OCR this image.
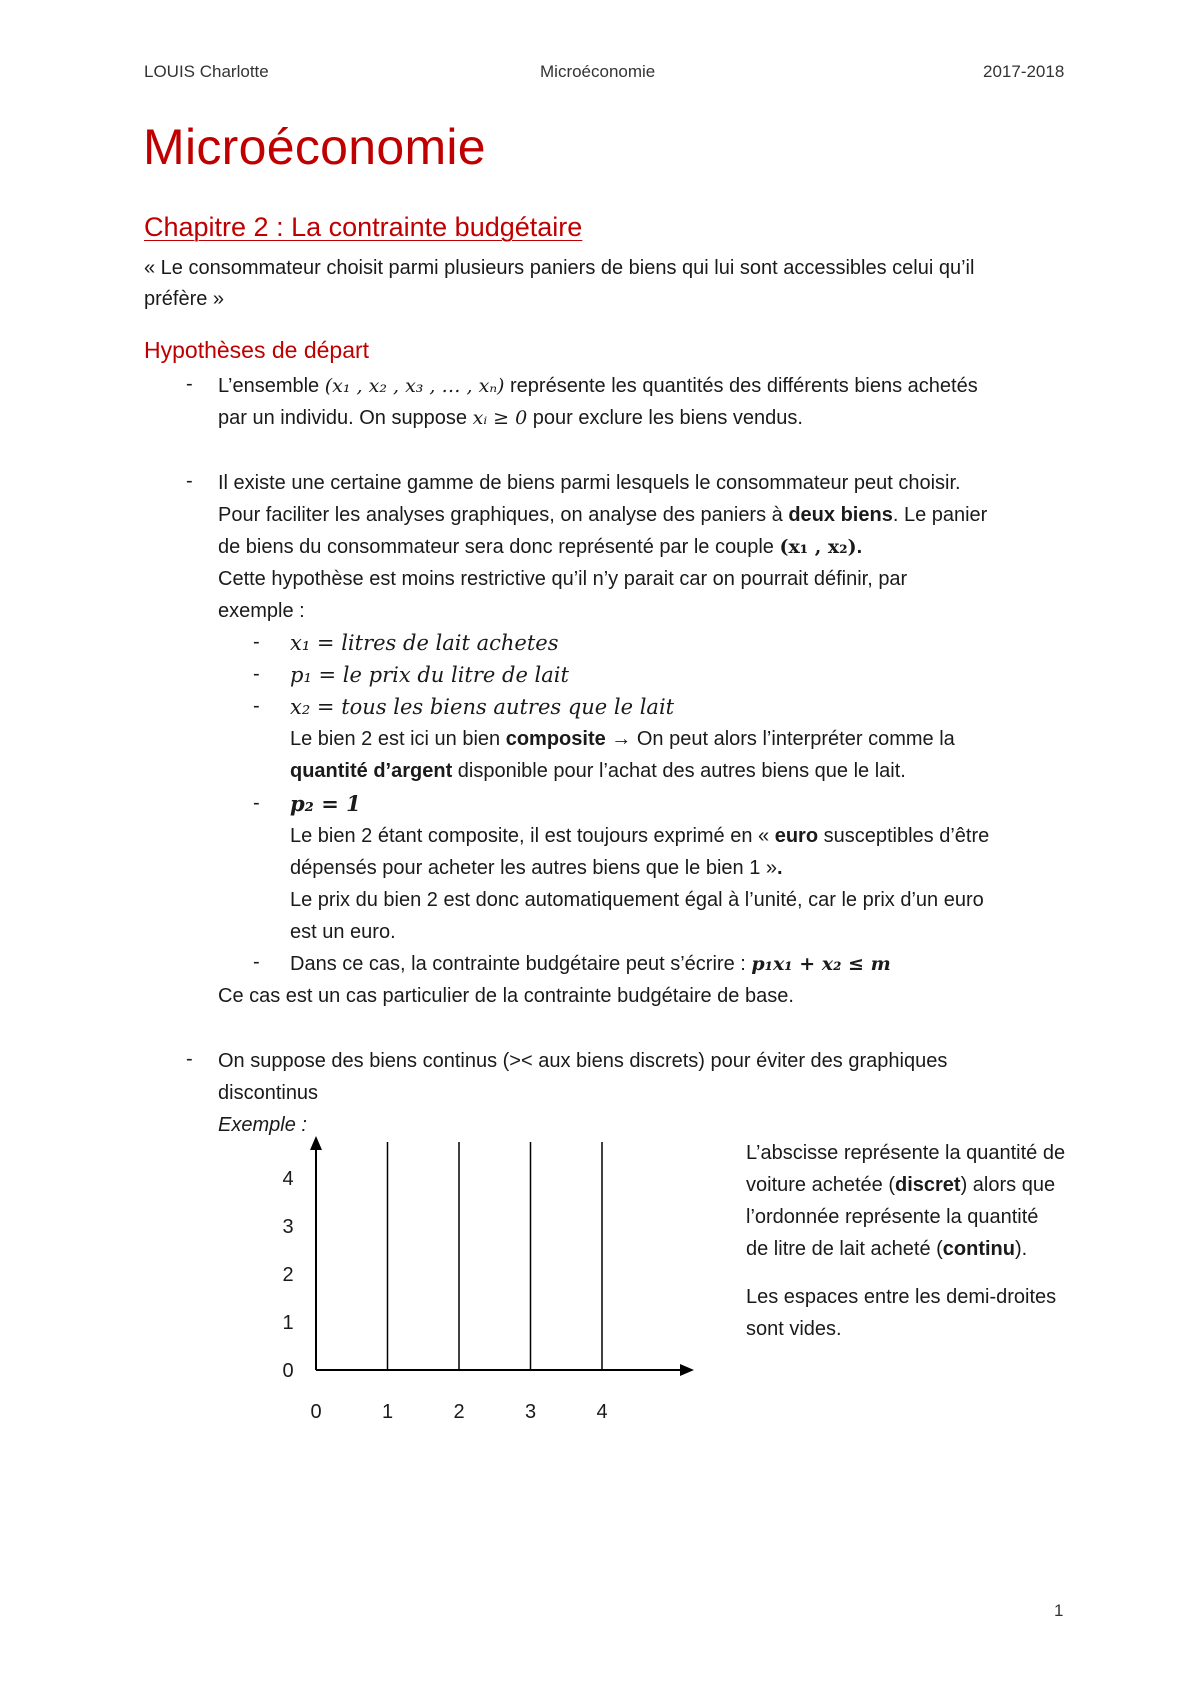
LOUIS Charlotte	Microéconomie	2017-2018
Microéconomie
Chapitre 2 : La contrainte budgétaire
« Le consommateur choisit parmi plusieurs paniers de biens qui lui sont accessibles celui qu’il
préfère »
Hypothèses de départ
- L’ensemble (x₁ , x₂ , x₃ , … , xₙ) représente les quantités des différents biens achetés
par un individu. On suppose xᵢ ≥ 0 pour exclure les biens vendus.
- Il existe une certaine gamme de biens parmi lesquels le consommateur peut choisir.
Pour faciliter les analyses graphiques, on analyse des paniers à deux biens. Le panier
de biens du consommateur sera donc représenté par le couple (x₁ , x₂).
Cette hypothèse est moins restrictive qu’il n’y parait car on pourrait définir, par
exemple :
- x₁ = litres de lait achetes
- p₁ = le prix du litre de lait
- x₂ = tous les biens autres que le lait
Le bien 2 est ici un bien composite → On peut alors l’interpréter comme la
quantité d’argent disponible pour l’achat des autres biens que le lait.
- p₂ = 1
Le bien 2 étant composite, il est toujours exprimé en « euro susceptibles d’être
dépensés pour acheter les autres biens que le bien 1 ».
Le prix du bien 2 est donc automatiquement égal à l’unité, car le prix d’un euro
est un euro.
- Dans ce cas, la contrainte budgétaire peut s’écrire : p₁x₁ + x₂ ≤ m
Ce cas est un cas particulier de la contrainte budgétaire de base.
- On suppose des biens continus (>< aux biens discrets) pour éviter des graphiques
discontinus
Exemple :
L’abscisse représente la quantité de
voiture achetée (discret) alors que
l’ordonnée représente la quantité
de litre de lait acheté (continu).
Les espaces entre les demi-droites
sont vides.
0	1	2	3	4
0
1
2
3
4
1
